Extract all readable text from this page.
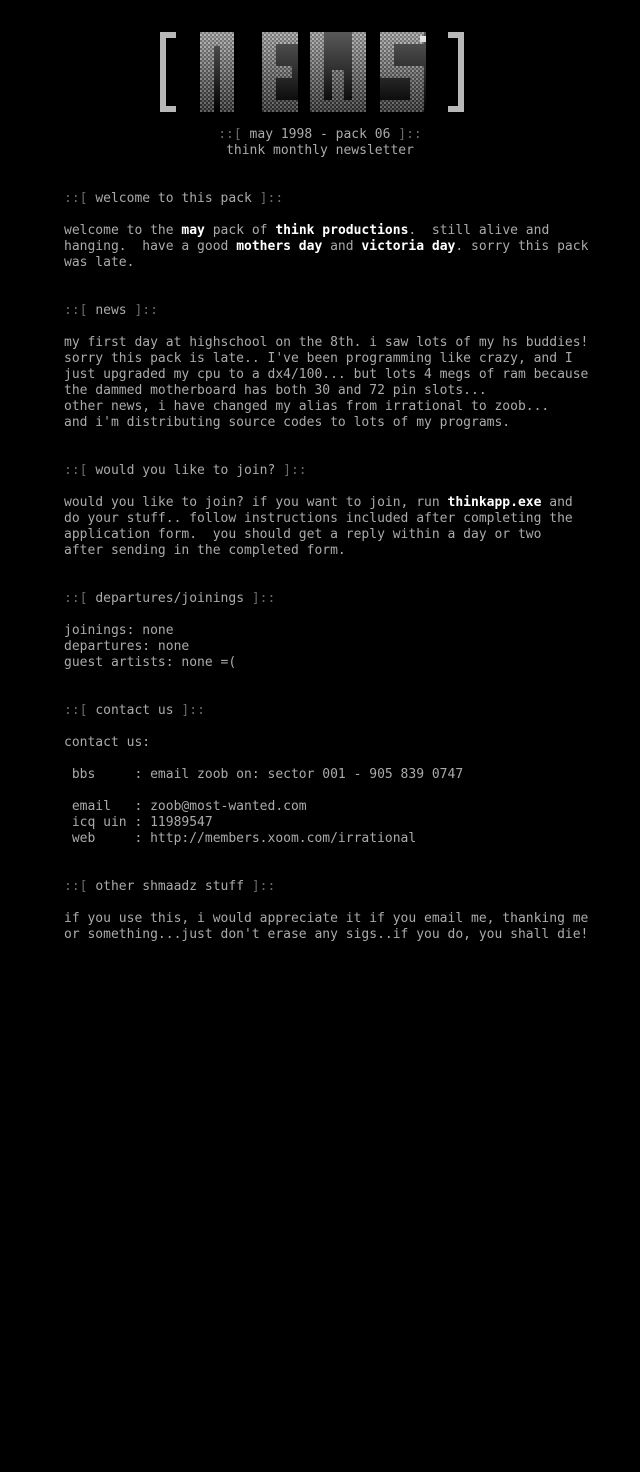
::[ may 1998 - pack 06 ]::
think monthly newsletter
::[ welcome to this pack ]::
welcome to the may pack of think productions.  still alive and
hanging.  have a good mothers day and victoria day. sorry this pack
was late.
::[ news ]::
my first day at highschool on the 8th. i saw lots of my hs buddies!
sorry this pack is late.. I've been programming like crazy, and I
just upgraded my cpu to a dx4/100... but lots 4 megs of ram because
the dammed motherboard has both 30 and 72 pin slots...
other news, i have changed my alias from irrational to zoob...
and i'm distributing source codes to lots of my programs.
::[ would you like to join? ]::
would you like to join? if you want to join, run thinkapp.exe and
do your stuff.. follow instructions included after completing the
application form.  you should get a reply within a day or two
after sending in the completed form.
::[ departures/joinings ]::
joinings: none
departures: none
guest artists: none =(
::[ contact us ]::
contact us:
bbs     : email zoob on: sector 001 - 905 839 0747
email   : zoob@most-wanted.com
icq uin : 11989547
web     : http://members.xoom.com/irrational
::[ other shmaadz stuff ]::
if you use this, i would appreciate it if you email me, thanking me
or something...just don't erase any sigs..if you do, you shall die!
